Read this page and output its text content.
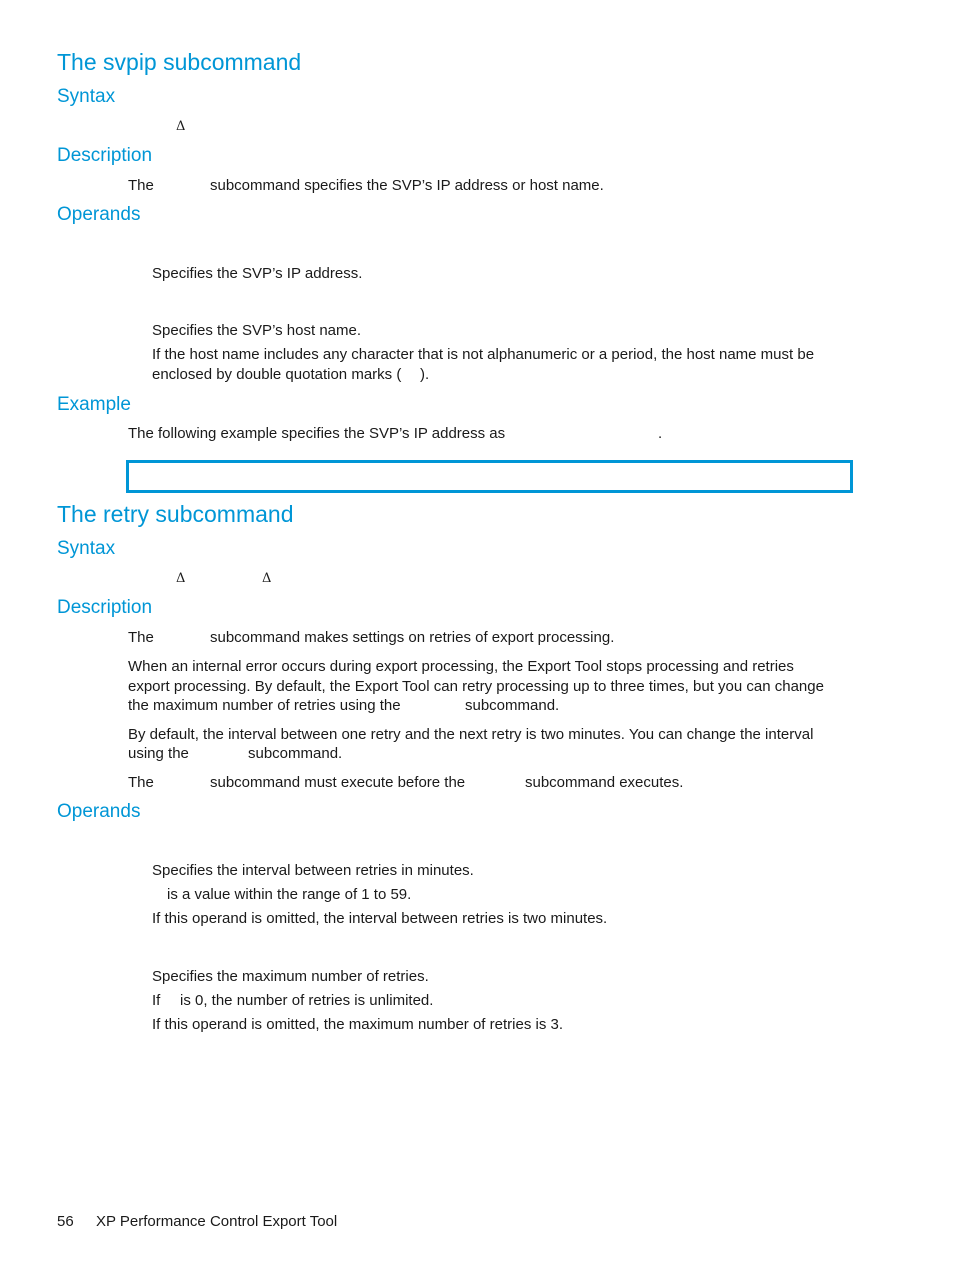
The svpip subcommand
Syntax
Δ
Description
The	subcommand specifies the SVP’s IP address or host name.
Operands
Specifies the SVP’s IP address.
Specifies the SVP’s host name.
If the host name includes any character that is not alphanumeric or a period, the host name must be
enclosed by double quotation marks ( ).
Example
The following example specifies the SVP’s IP address as	.
The retry subcommand
Syntax
Δ	Δ
Description
The	subcommand makes settings on retries of export processing.
When an internal error occurs during export processing, the Export Tool stops processing and retries
export processing. By default, the Export Tool can retry processing up to three times, but you can change
the maximum number of retries using the	subcommand.
By default, the interval between one retry and the next retry is two minutes. You can change the interval
using the	subcommand.
The	subcommand must execute before the	subcommand executes.
Operands
Specifies the interval between retries in minutes.
is a value within the range of 1 to 59.
If this operand is omitted, the interval between retries is two minutes.
Specifies the maximum number of retries.
If is 0, the number of retries is unlimited.
If this operand is omitted, the maximum number of retries is 3.
56 XP Performance Control Export Tool
